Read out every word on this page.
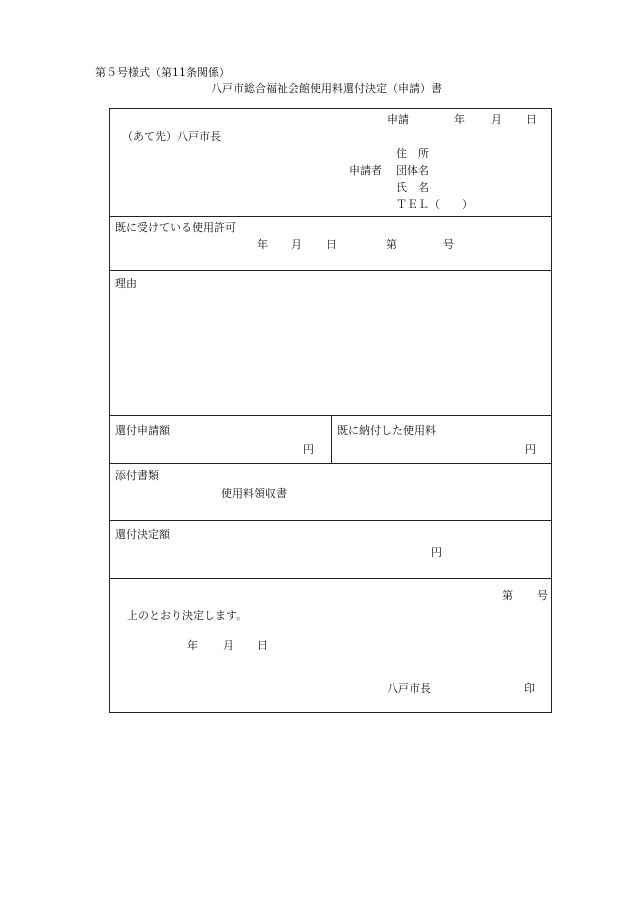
第５号様式（第11条関係）
八戸市総合福祉会館使用料還付決定（申請）書
申請	年 月 日
（あて先）八戸市長
住　所
申請者 団体名
氏　名
ＴＥＬ（　　）
既に受けている使用許可
年 月 日	第	号
理由
還付申請額
円
既に納付した使用料
円
添付書類
使用料領収書
還付決定額
円
第 号
上のとおり決定します。
年 月 日
八戸市長	印
